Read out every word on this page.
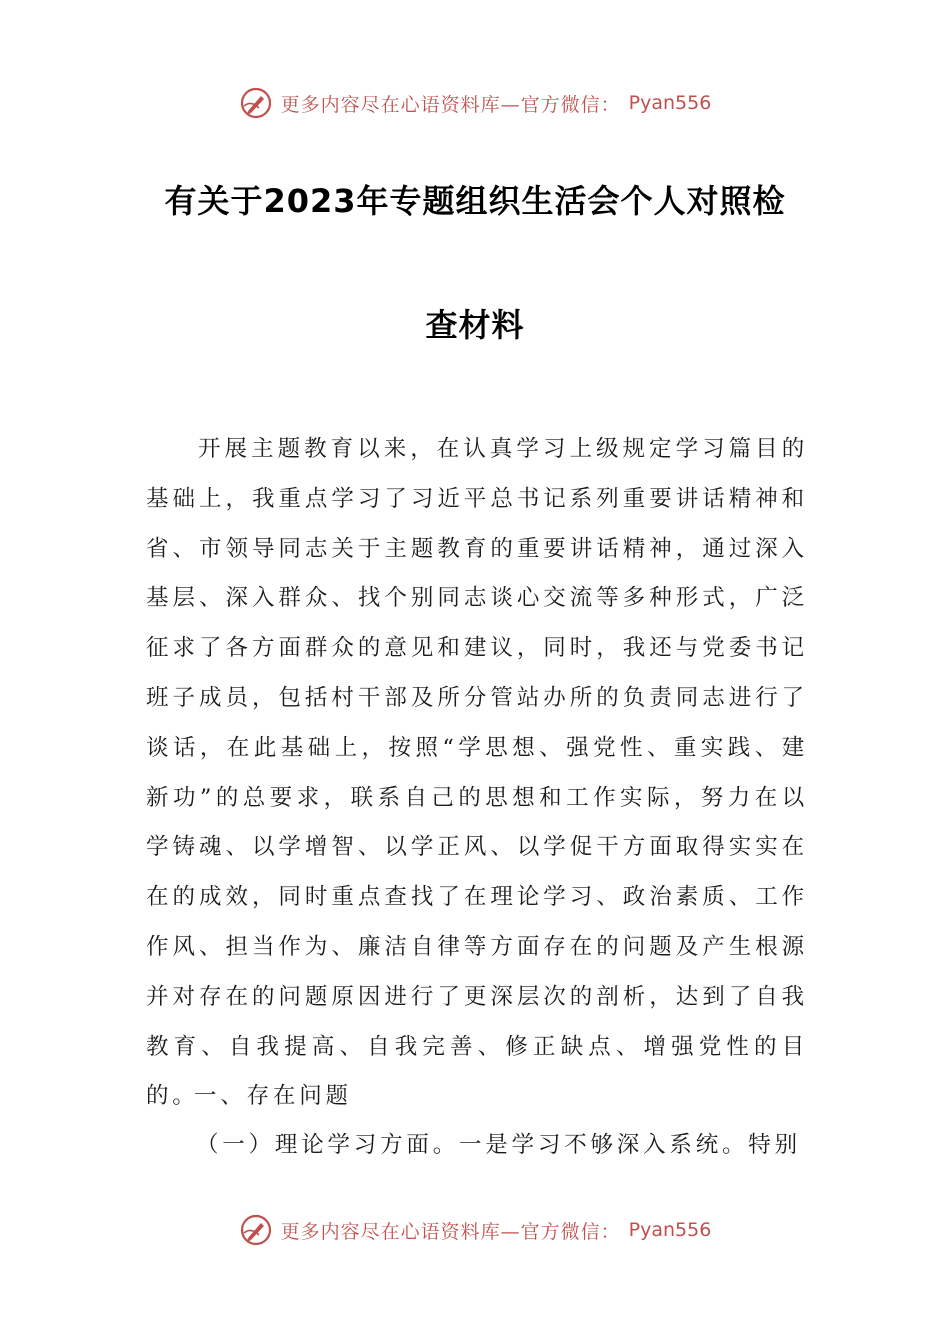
更多内容尽在心语资料库—官方微信： Pyan556
有关于2023年专题组织生活会个人对照检
查材料

开展主题教育以来，在认真学习上级规定学习篇目的基础上，我重点学习了习近平总书记系列重要讲话精神和省、市领导同志关于主题教育的重要讲话精神，通过深入基层、深入群众、找个别同志谈心交流等多种形式，广泛征求了各方面群众的意见和建议，同时，我还与党委书记班子成员，包括村干部及所分管站办所的负责同志进行了谈话，在此基础上，按照“学思想、强党性、重实践、建新功”的总要求，联系自己的思想和工作实际，努力在以学铸魂、以学增智、以学正风、以学促干方面取得实实在在的成效，同时重点查找了在理论学习、政治素质、工作作风、担当作为、廉洁自律等方面存在的问题及产生根源并对存在的问题原因进行了更深层次的剖析，达到了自我教育、自我提高、自我完善、修正缺点、增强党性的目的。

一、存在问题
（一）理论学习方面。一是学习不够深入系统。特别
更多内容尽在心语资料库—官方微信： Pyan556
